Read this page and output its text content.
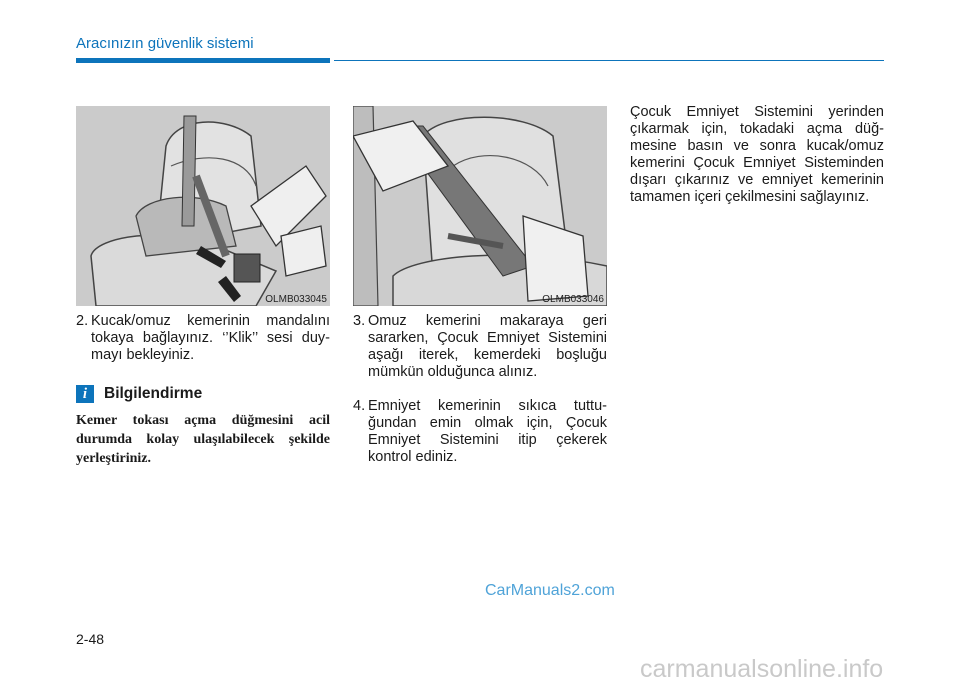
Aracınızın güvenlik sistemi
OLMB033045	OLMB033046
2. Kucak/omuz kemerinin mandalını tokaya bağlayınız. ‘’Klik’’ sesi duymayı bekleyiniz.
i	Bilgilendirme
Kemer tokası açma düğmesini acil durumda kolay ulaşılabilecek şekilde yerleştiriniz.
3. Omuz kemerini makaraya geri sararken, Çocuk Emniyet Sistemini aşağı iterek, kemerdeki boşluğu mümkün olduğunca alınız.
4. Emniyet kemerinin sıkıca tuttuğundan emin olmak için, Çocuk Emniyet Sistemini itip çekerek kontrol ediniz.
Çocuk Emniyet Sistemini yerinden çıkarmak için, tokadaki açma düğmesine basın ve sonra kucak/omuz kemerini Çocuk Emniyet Sisteminden dışarı çıkarınız ve emniyet kemerinin tamamen içeri çekilmesini sağlayınız.
2-48
CarManuals2.com
carmanualsonline.info
